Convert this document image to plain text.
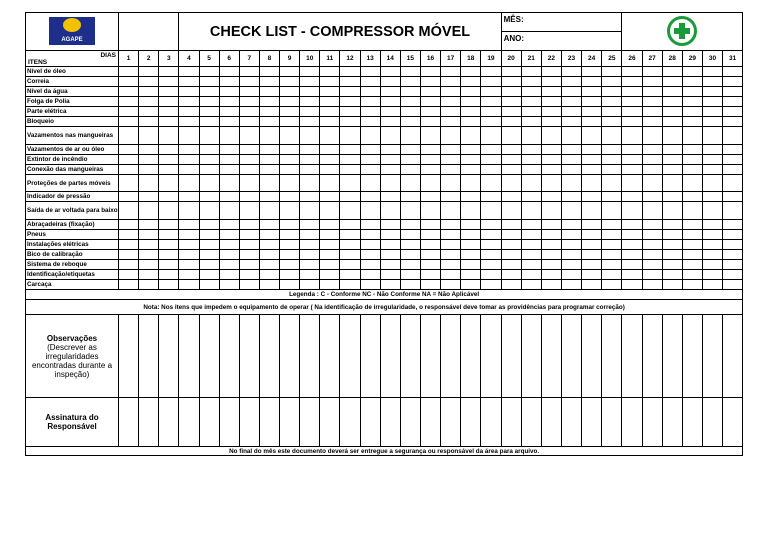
AGAPE				CHECK LIST - COMPRESSOR MÓVEL																MÊS:
ANO:											

DIAS
ITENS	1	2	3	4	5	6	7	8	9	10	11	12	13	14	15	16	17	18	19	20	21	22	23	24	25	26	27	28	29	30	31
Nível de óleo																															
Correia																															
Nível da água																															
Folga de Polia																															
Parte elétrica																															
Bloqueio																															
Vazamentos nas mangueiras																															
Vazamentos de ar ou óleo																															
Extintor de incêndio																															
Conexão das mangueiras																															
Proteções de partes móveis																															
Indicador de pressão																															
Saída de ar voltada para baixo																															
Abraçadeiras (fixação)																															
Pneus																															
Instalações elétricas																															
Bico de calibração																															
Sistema de reboque																															
Identificação/etiquetas																															
Carcaça																															
Legenda : C - Conforme NC - Não Conforme NA = Não Aplicável																															
Nota: Nos itens que impedem o equipamento de operar ( Na identificação de irregularidade, o responsável deve tomar as providências para programar correção)																															

Observações
(Descrever as irregularidades encontradas durante a inspeção)																															

Assinatura do Responsável																															
No final do mês este documento deverá ser entregue a segurança ou responsável da área para arquivo.																															
